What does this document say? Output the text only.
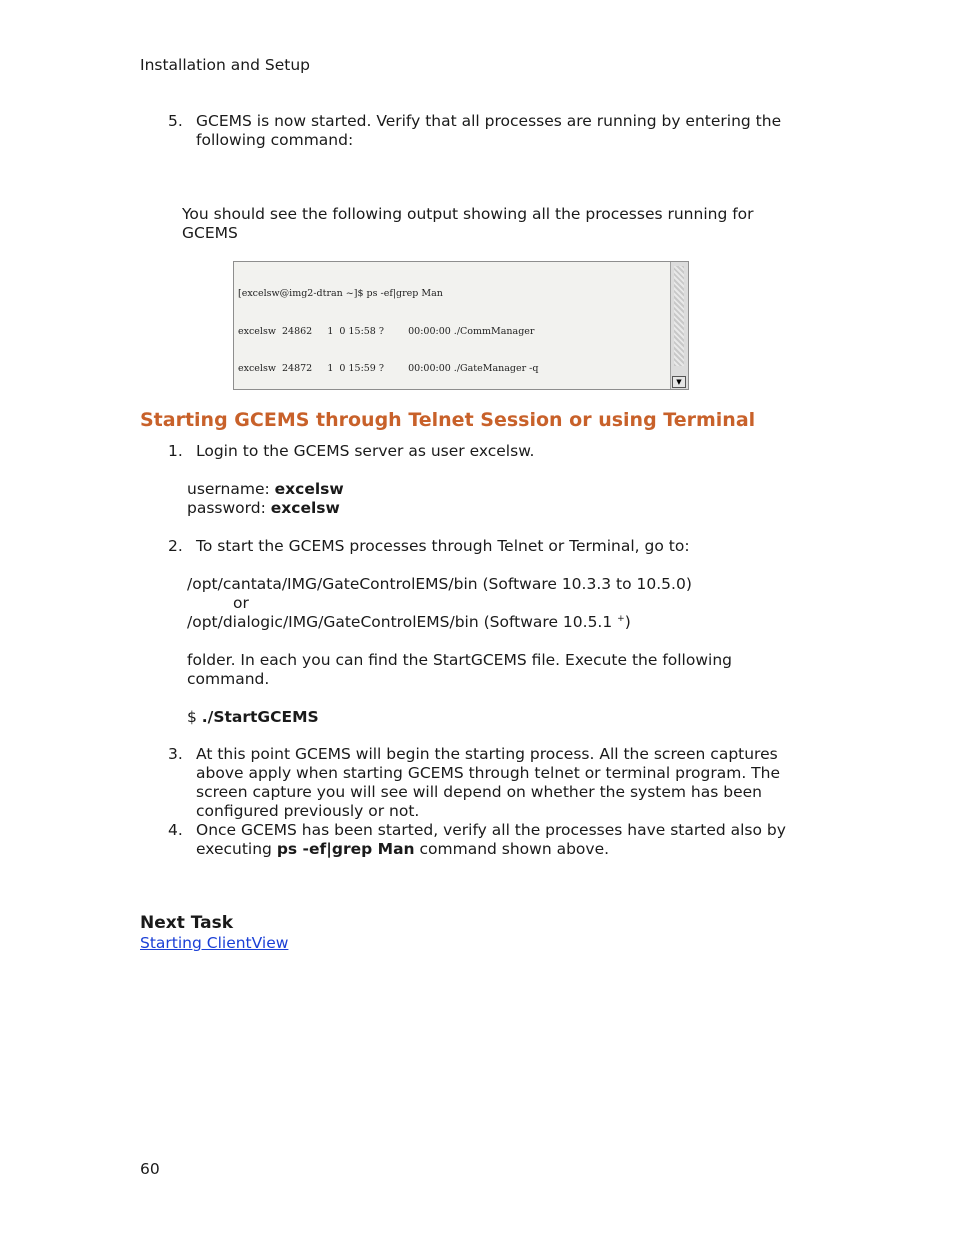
Installation and Setup
5. GCEMS is now started. Verify that all processes are running by entering the
following command:
You should see the following output showing all the processes running for
GCEMS

[excelsw@img2-dtran ~]$ ps -ef|grep Man

excelsw  24862     1  0 15:58 ?        00:00:00 ./CommManager

excelsw  24872     1  0 15:59 ?        00:00:00 ./GateManager -q

▼
Starting GCEMS through Telnet Session or using Terminal
1. Login to the GCEMS server as user excelsw.
username: excelsw
password: excelsw
2. To start the GCEMS processes through Telnet or Terminal, go to:
/opt/cantata/IMG/GateControlEMS/bin (Software 10.3.3 to 10.5.0)
or
/opt/dialogic/IMG/GateControlEMS/bin (Software 10.5.1 +)
folder. In each you can find the StartGCEMS file. Execute the following
command.
$ ./StartGCEMS
3. At this point GCEMS will begin the starting process. All the screen captures
above apply when starting GCEMS through telnet or terminal program. The
screen capture you will see will depend on whether the system has been
configured previously or not.
4. Once GCEMS has been started, verify all the processes have started also by
executing ps -ef|grep Man command shown above.
Next Task
Starting ClientView
60
